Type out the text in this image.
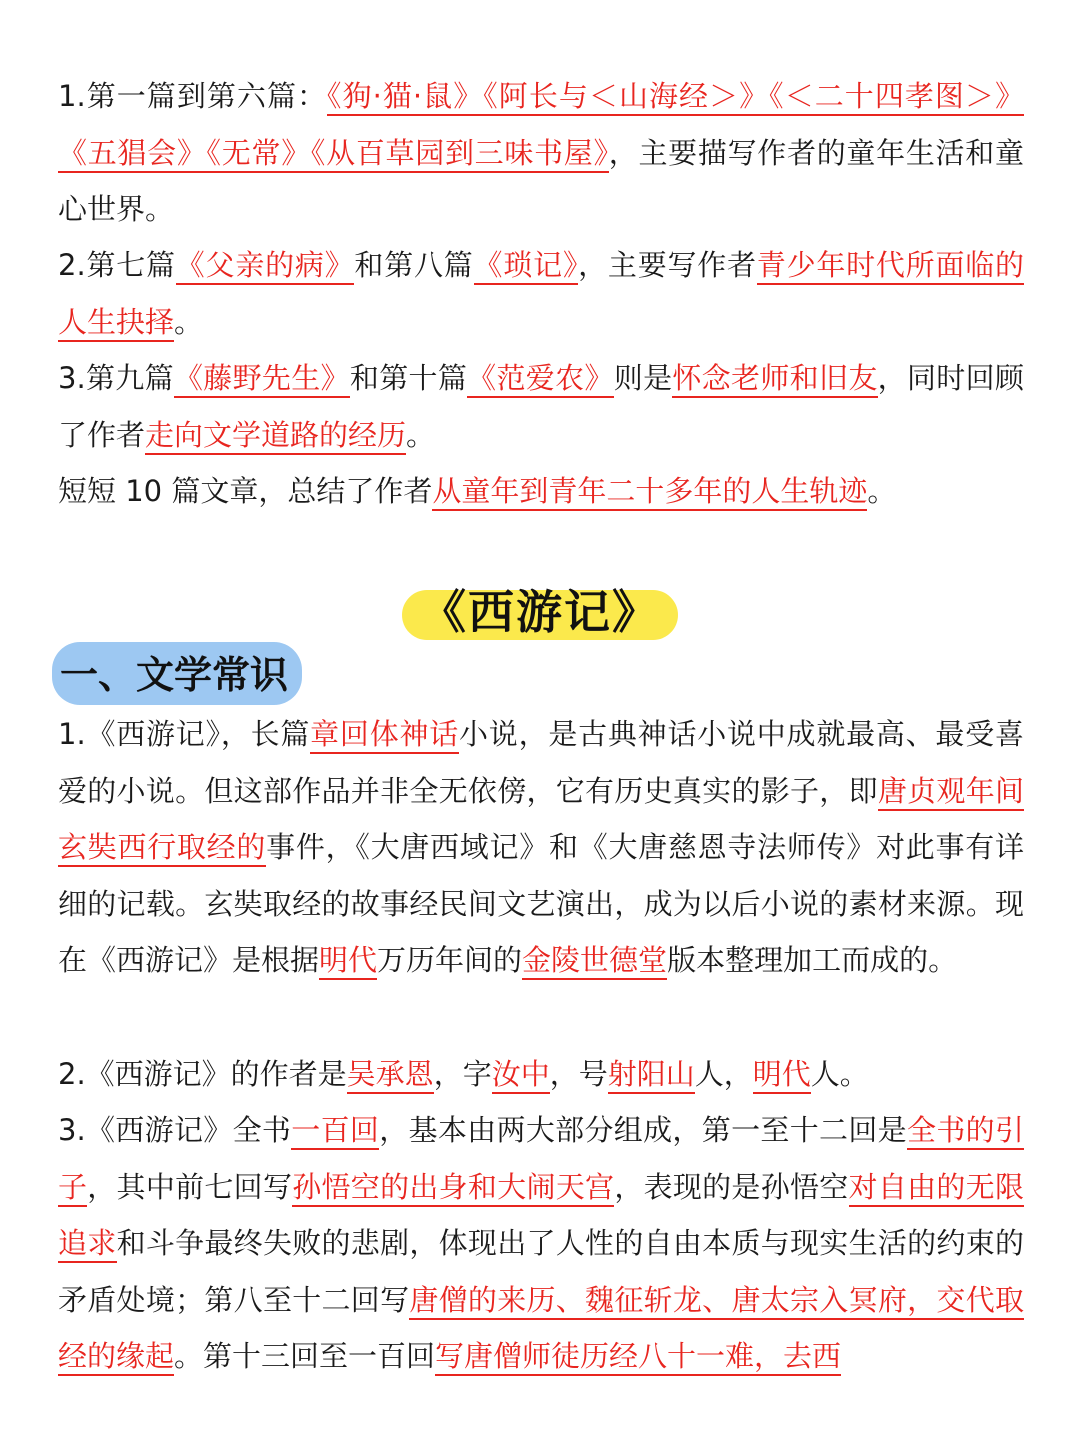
1.第一篇到第六篇：《狗·猫·鼠》《阿长与＜山海经＞》《＜二十四孝图＞》《五猖会》《无常》《从百草园到三味书屋》，主要描写作者的童年生活和童心世界。

2.第七篇《父亲的病》和第八篇《琐记》，主要写作者青少年时代所面临的人生抉择。

3.第九篇《藤野先生》和第十篇《范爱农》则是怀念老师和旧友，同时回顾了作者走向文学道路的经历。

短短 10 篇文章，总结了作者从童年到青年二十多年的人生轨迹。

《西游记》
一、文学常识

1.《西游记》，长篇章回体神话小说，是古典神话小说中成就最高、最受喜爱的小说。但这部作品并非全无依傍，它有历史真实的影子，即唐贞观年间玄奘西行取经的事件，《大唐西域记》和《大唐慈恩寺法师传》对此事有详细的记载。玄奘取经的故事经民间文艺演出，成为以后小说的素材来源。现在《西游记》是根据明代万历年间的金陵世德堂版本整理加工而成的。

2.《西游记》的作者是吴承恩，字汝中，号射阳山人，明代人。

3.《西游记》全书一百回，基本由两大部分组成，第一至十二回是全书的引子，其中前七回写孙悟空的出身和大闹天宫，表现的是孙悟空对自由的无限追求和斗争最终失败的悲剧，体现出了人性的自由本质与现实生活的约束的矛盾处境；第八至十二回写唐僧的来历、魏征斩龙、唐太宗入冥府，交代取经的缘起。第十三回至一百回写唐僧师徒历经八十一难，去西
